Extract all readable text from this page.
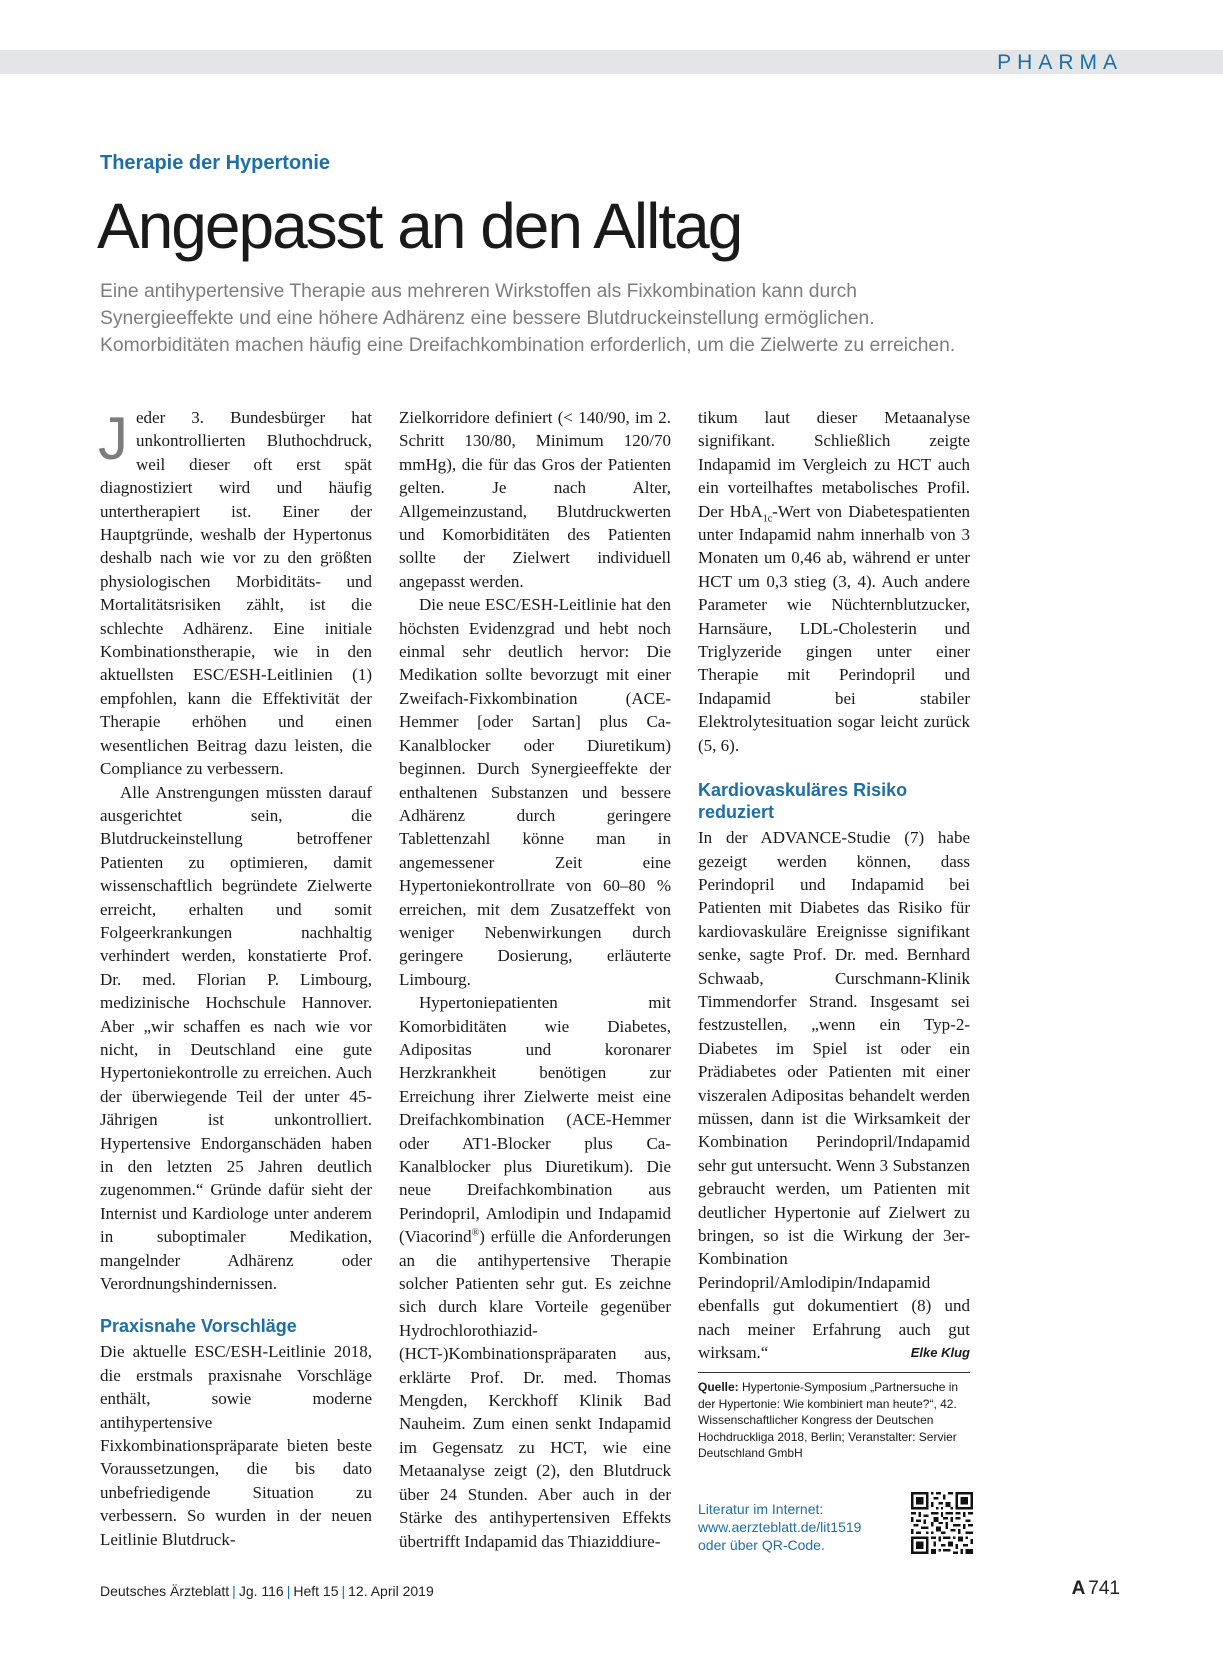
PHARMA
Therapie der Hypertonie
Angepasst an den Alltag
Eine antihypertensive Therapie aus mehreren Wirkstoffen als Fixkombination kann durch Synergieeffekte und eine höhere Adhärenz eine bessere Blutdruckeinstellung ermöglichen. Komorbiditäten machen häufig eine Dreifachkombination erforderlich, um die Zielwerte zu erreichen.

Jeder 3. Bundesbürger hat unkontrollierten Bluthochdruck, weil dieser oft erst spät diagnostiziert wird und häufig untertherapiert ist. Einer der Hauptgründe, weshalb der Hypertonus deshalb nach wie vor zu den größten physiologischen Morbiditäts- und Mortalitätsrisiken zählt, ist die schlechte Adhärenz. Eine initiale Kombinationstherapie, wie in den aktuellsten ESC/ESH-Leitlinien (1) empfohlen, kann die Effektivität der Therapie erhöhen und einen wesentlichen Beitrag dazu leisten, die Compliance zu verbessern.

Alle Anstrengungen müssten darauf ausgerichtet sein, die Blutdruckeinstellung betroffener Patienten zu optimieren, damit wissenschaftlich begründete Zielwerte erreicht, erhalten und somit Folgeerkrankungen nachhaltig verhindert werden, konstatierte Prof. Dr. med. Florian P. Limbourg, medizinische Hochschule Hannover. Aber „wir schaffen es nach wie vor nicht, in Deutschland eine gute Hypertoniekontrolle zu erreichen. Auch der überwiegende Teil der unter 45-Jährigen ist unkontrolliert. Hypertensive Endorganschäden haben in den letzten 25 Jahren deutlich zugenommen.“ Gründe dafür sieht der Internist und Kardiologe unter anderem in suboptimaler Medikation, mangelnder Adhärenz oder Verordnungshindernissen.

Praxisnahe Vorschläge

Die aktuelle ESC/ESH-Leitlinie 2018, die erstmals praxisnahe Vorschläge enthält, sowie moderne antihypertensive Fixkombinationspräparate bieten beste Voraussetzungen, die bis dato unbefriedigende Situation zu verbessern. So wurden in der neuen Leitlinie Blutdruck-

Zielkorridore definiert (< 140/90, im 2. Schritt 130/80, Minimum 120/70 mmHg), die für das Gros der Patienten gelten. Je nach Alter, Allgemeinzustand, Blutdruckwerten und Komorbiditäten des Patienten sollte der Zielwert individuell angepasst werden.

Die neue ESC/ESH-Leitlinie hat den höchsten Evidenzgrad und hebt noch einmal sehr deutlich hervor: Die Medikation sollte bevorzugt mit einer Zweifach-Fixkombination (ACE-Hemmer [oder Sartan] plus Ca-Kanalblocker oder Diuretikum) beginnen. Durch Synergieeffekte der enthaltenen Substanzen und bessere Adhärenz durch geringere Tablettenzahl könne man in angemessener Zeit eine Hypertoniekontrollrate von 60–80 % erreichen, mit dem Zusatzeffekt von weniger Nebenwirkungen durch geringere Dosierung, erläuterte Limbourg.

Hypertoniepatienten mit Komorbiditäten wie Diabetes, Adipositas und koronarer Herzkrankheit benötigen zur Erreichung ihrer Zielwerte meist eine Dreifachkombination (ACE-Hemmer oder AT1-Blocker plus Ca-Kanalblocker plus Diuretikum). Die neue Dreifachkombination aus Perindopril, Amlodipin und Indapamid (Viacorind®) erfülle die Anforderungen an die antihypertensive Therapie solcher Patienten sehr gut. Es zeichne sich durch klare Vorteile gegenüber Hydrochlorothiazid-(HCT-)Kombinationspräparaten aus, erklärte Prof. Dr. med. Thomas Mengden, Kerckhoff Klinik Bad Nauheim. Zum einen senkt Indapamid im Gegensatz zu HCT, wie eine Metaanalyse zeigt (2), den Blutdruck über 24 Stunden. Aber auch in der Stärke des antihypertensiven Effekts übertrifft Indapamid das Thiaziddiure-

tikum laut dieser Metaanalyse signifikant. Schließlich zeigte Indapamid im Vergleich zu HCT auch ein vorteilhaftes metabolisches Profil. Der HbA$_{1c}$-Wert von Diabetespatienten unter Indapamid nahm innerhalb von 3 Monaten um 0,46 ab, während er unter HCT um 0,3 stieg (3, 4). Auch andere Parameter wie Nüchternblutzucker, Harnsäure, LDL-Cholesterin und Triglyzeride gingen unter einer Therapie mit Perindopril und Indapamid bei stabiler Elektrolytesituation sogar leicht zurück (5, 6).

Kardiovaskuläres Risiko reduziert

In der ADVANCE-Studie (7) habe gezeigt werden können, dass Perindopril und Indapamid bei Patienten mit Diabetes das Risiko für kardiovaskuläre Ereignisse signifikant senke, sagte Prof. Dr. med. Bernhard Schwaab, Curschmann-Klinik Timmendorfer Strand. Insgesamt sei festzustellen, „wenn ein Typ-2-Diabetes im Spiel ist oder ein Prädiabetes oder Patienten mit einer viszeralen Adipositas behandelt werden müssen, dann ist die Wirksamkeit der Kombination Perindopril/Indapamid sehr gut untersucht. Wenn 3 Substanzen gebraucht werden, um Patienten mit deutlicher Hypertonie auf Zielwert zu bringen, so ist die Wirkung der 3er-Kombination Perindopril/Amlodipin/Indapamid ebenfalls gut dokumentiert (8) und nach meiner Erfahrung auch gut wirksam.“	Elke Klug

Quelle: Hypertonie-Symposium „Partnersuche in der Hypertonie: Wie kombiniert man heute?“, 42. Wissenschaftlicher Kongress der Deutschen Hochdruckliga 2018, Berlin; Veranstalter: Servier Deutschland GmbH
Literatur im Internet:
www.aerzteblatt.de/lit1519
oder über QR-Code.
Deutsches Ärzteblatt | Jg. 116 | Heft 15 | 12. April 2019	A 741
